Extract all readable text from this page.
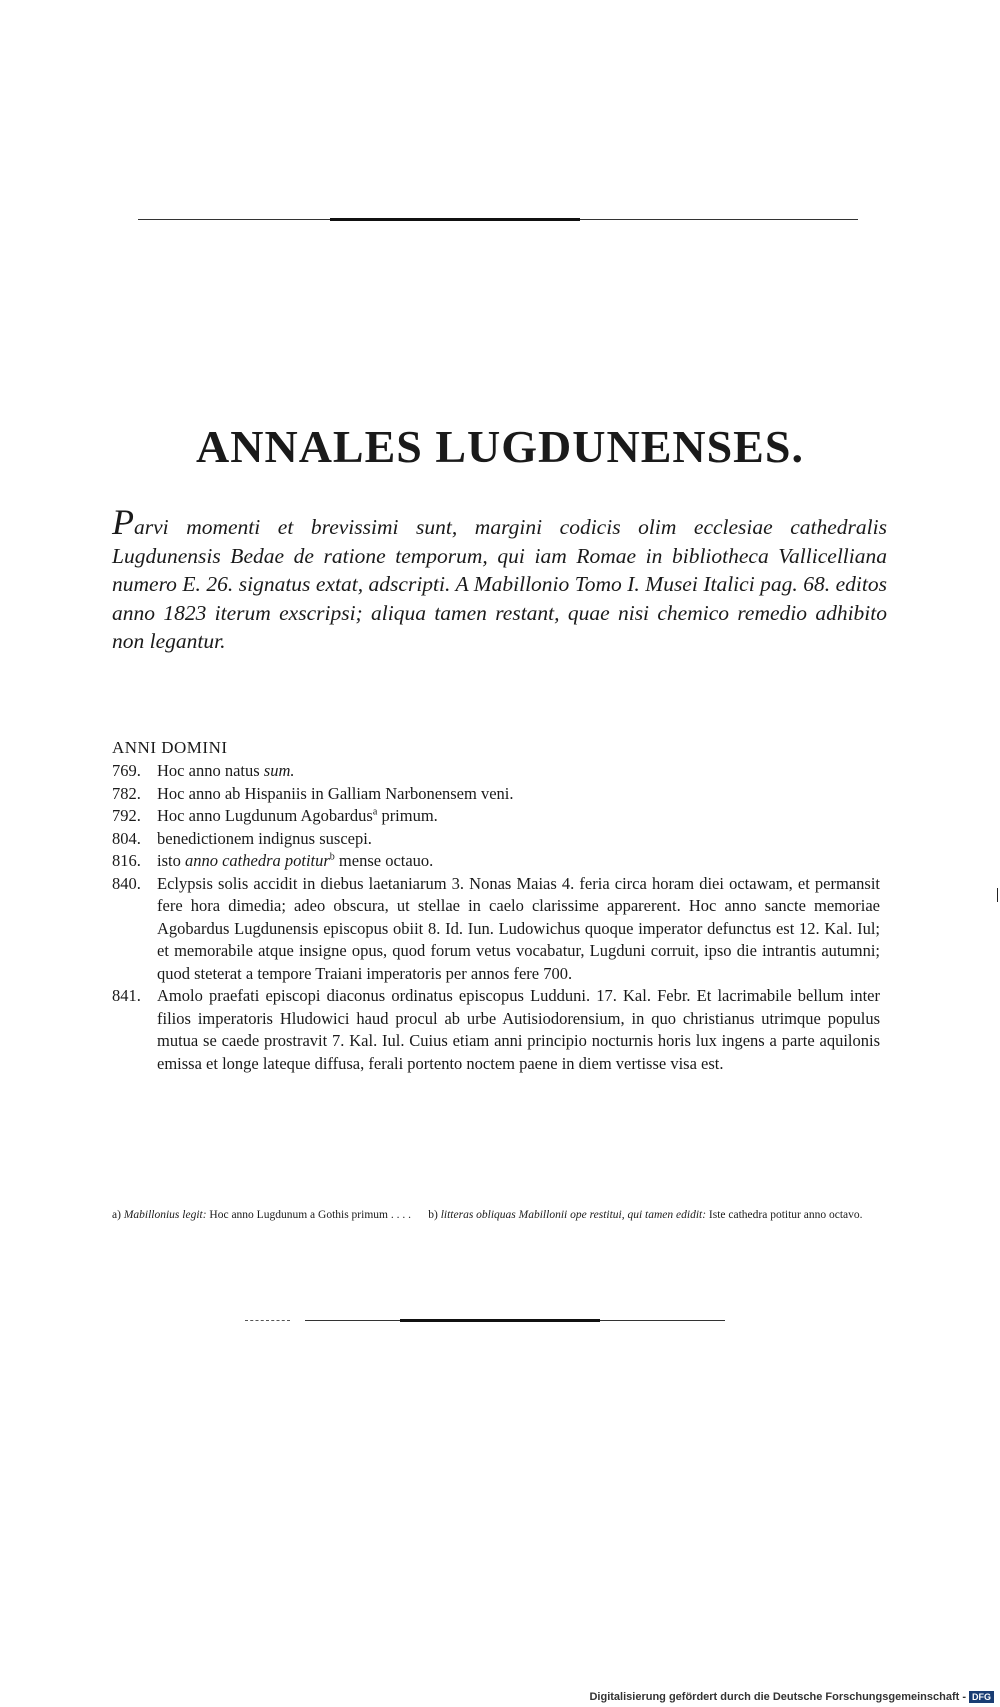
ANNALES LUGDUNENSES.

Parvi momenti et brevissimi sunt, margini codicis olim ecclesiae cathedralis Lugdunensis Bedae de ratione temporum, qui iam Romae in bibliotheca Vallicelliana numero E. 26. signatus extat, adscripti. A Mabillonio Tomo I. Musei Italici pag. 68. editos anno 1823 iterum exscripsi; aliqua tamen restant, quae nisi chemico remedio adhibito non legantur.

ANNI DOMINI

769. Hoc anno natus sum.
782. Hoc anno ab Hispaniis in Galliam Narbonensem veni.
792. Hoc anno Lugdunum Agobardus$^a$ primum.
804. benedictionem indignus suscepi.
816. isto anno cathedra potitur$^b$ mense octauo.
840. Eclypsis solis accidit in diebus laetaniarum 3. Nonas Maias 4. feria circa horam diei octawam, et permansit fere hora dimedia; adeo obscura, ut stellae in caelo clarissime apparerent. Hoc anno sancte memoriae Agobardus Lugdunensis episcopus obiit 8. Id. Iun. Ludowichus quoque imperator defunctus est 12. Kal. Iul; et memorabile atque insigne opus, quod forum vetus vocabatur, Lugduni corruit, ipso die intrantis autumni; quod steterat a tempore Traiani imperatoris per annos fere 700.
841. Amolo praefati episcopi diaconus ordinatus episcopus Ludduni. 17. Kal. Febr. Et lacrimabile bellum inter filios imperatoris Hludowici haud procul ab urbe Autisiodorensium, in quo christianus utrimque populus mutua se caede prostravit 7. Kal. Iul. Cuius etiam anni principio nocturnis horis lux ingens a parte aquilonis emissa et longe lateque diffusa, ferali portento noctem paene in diem vertisse visa est.
a) Mabillonius legit: Hoc anno Lugdunum a Gothis primum . . . . b) litteras obliquas Mabillonii ope restitui, qui tamen edidit: Iste cathedra potitur anno octavo.
Digitalisierung gefördert durch die Deutsche Forschungsgemeinschaft - DFG
